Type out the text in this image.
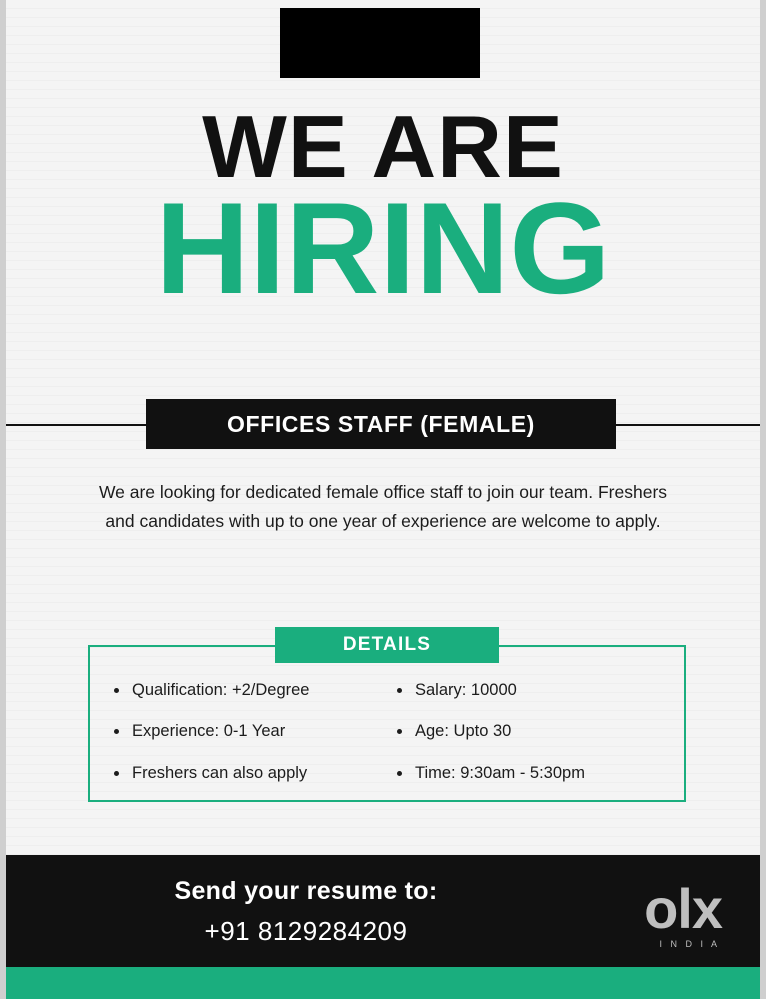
WE ARE
HIRING
OFFICES STAFF (FEMALE)
We are looking for dedicated female office staff to join our team. Freshers and candidates with up to one year of experience are welcome to apply.
DETAILS
Qualification: +2/Degree
Experience: 0-1 Year
Freshers can also apply
Salary: 10000
Age: Upto 30
Time: 9:30am - 5:30pm
Send your resume to:
+91 8129284209	olx
I N D I A
